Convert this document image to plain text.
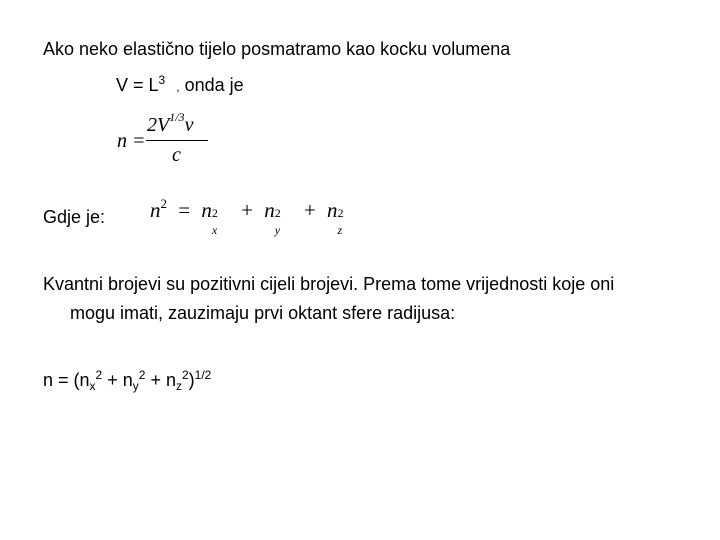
Ako neko elastično tijelo posmatramo kao kocku volumena
$V = L^3$ , onda je
n =
$2V^{1/3}v$
c
Gdje je: $n^2 = n$ 2
x
+ n 2
y
+ n 2
z
Kvantni brojevi su pozitivni cijeli brojevi. Prema tome vrijednosti koje oni
mogu imati, zauzimaju prvi oktant sfere radijusa:
$n = (n_x^2 + n_y^2 + n_z^2)^{1/2}$
